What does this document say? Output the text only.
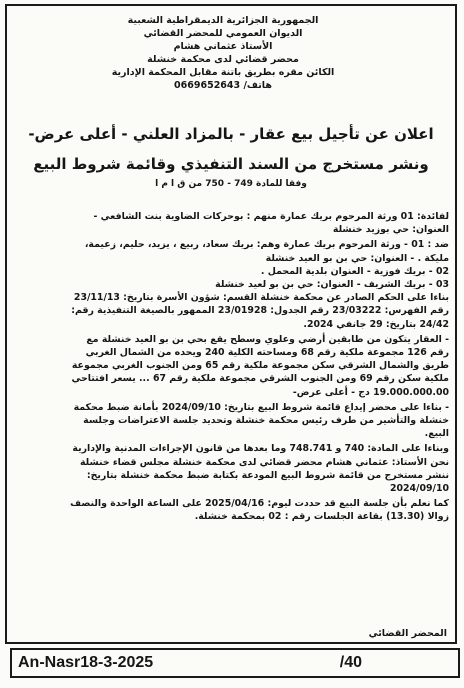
الجمهورية الجزائرية الديمقراطية الشعبية
الديوان العمومي للمحضر القضائي
الأستاذ عثماني هشام
محضر قضائي لدى محكمة خنشلة
الكائن مقره بطريق باتنة مقابل المحكمة الإدارية
هاتف/ 0669652643
اعلان عن تأجيل بيع عقار - بالمزاد العلني - أعلى عرض-
ونشر مستخرج من السند التنفيذي وقائمة شروط البيع
وفقا للمادة 749 - 750 من ق ا م ا

لفائدة: 01 ورثة المرحوم بريك عمارة منهم : بوحركات الضاوية بنت الشافعي -

العنوان: حي بوزيد خنشلة

ضد : 01 - ورثة المرحوم بريك عمارة وهم: بريك سعاد، ربيع ، يزيد، حليم، زعيمة،

مليكة . - العنوان: حي بن بو العيد خنشلة

02 - بريك فوزية - العنوان بلدية المحمل .

03 - بريك الشريف - العنوان: حي بن بو لعيد خنشلة

بناءا على الحكم الصادر عن محكمة خنشلة القسم: شؤون الأسرة بتاريخ: 23/11/13

رقم الفهرس: 23/03222 رقم الجدول: 23/01928 الممهور بالصيغة التنفيذية رقم:

24/42 بتاريخ: 29 جانفي 2024.

- العقار يتكون من طابقين أرضي وعلوي وسطح يقع بحي بن بو العيد خنشلة مع

رقم 126 مجموعة ملكية رقم 68 ومساحته الكلية 240 ويحده من الشمال الغربي

طريق والشمال الشرقي سكن مجموعة ملكية رقم 65 ومن الجنوب الغربي مجموعة

ملكية سكن رقم 69 ومن الجنوب الشرقي مجموعة ملكية رقم 67 ... يسعر افتتاحي

19.000.000.00 دج - أعلى عرض-

- بناءا على محضر إيداع قائمة شروط البيع بتاريخ: 2024/09/10 بأمانة ضبط محكمة

خنشلة والتأشير من طرف رئيس محكمة خنشلة وتحديد جلسة الاعتراضات وجلسة

البيع.

وبناءا على المادة: 740 و 748.741 وما بعدها من قانون الإجراءات المدنية والإدارية

نحن الأستاذ: عثماني هشام محضر قضائي لدى محكمة خنشلة مجلس قضاء خنشلة

ننشر مستخرج من قائمة شروط البيع المودعة بكتابة ضبط محكمة خنشلة بتاريخ:

2024/09/10

كما نعلم بأن جلسة البيع قد حددت ليوم: 2025/04/16 على الساعة الواحدة والنصف

زوالا (13.30) بقاعة الجلسات رقم : 02 بمحكمة خنشلة.

المحضر القضائي
An-Nasr18-3-2025	/40
